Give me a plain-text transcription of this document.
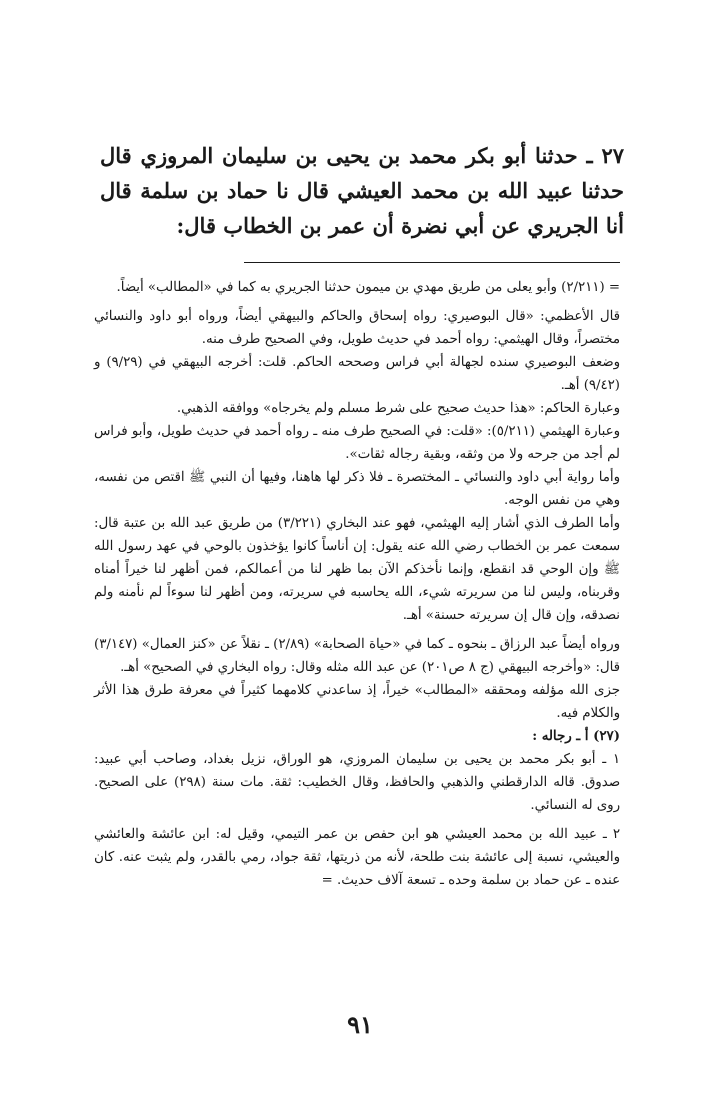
٢٧ ـ حدثنا أبو بكر محمد بن يحيى بن سليمان المروزي قال حدثنا عبيد الله بن محمد العيشي قال نا حماد بن سلمة قال أنا الجريري عن أبي نضرة أن عمر بن الخطاب قال:

= (٢/٢١١) وأبو يعلى من طريق مهدي بن ميمون حدثنا الجريري به كما في «المطالب» أيضاً.

قال الأعظمي: «قال البوصيري: رواه إسحاق والحاكم والبيهقي أيضاً، ورواه أبو داود والنسائي مختصراً، وقال الهيثمي: رواه أحمد في حديث طويل، وفي الصحيح طرف منه.

وضعف البوصيري سنده لجهالة أبي فراس وصححه الحاكم. قلت: أخرجه البيهقي في (٩/٢٩) و (٩/٤٢) أهـ.

وعبارة الحاكم: «هذا حديث صحيح على شرط مسلم ولم يخرجاه» ووافقه الذهبي.

وعبارة الهيثمي (٥/٢١١): «قلت: في الصحيح طرف منه ـ رواه أحمد في حديث طويل، وأبو فراس لم أجد من جرحه ولا من وثقه، وبقية رجاله ثقات».

وأما رواية أبي داود والنسائي ـ المختصرة ـ فلا ذكر لها هاهنا، وفيها أن النبي ﷺ اقتص من نفسه، وهي من نفس الوجه.

وأما الطرف الذي أشار إليه الهيثمي، فهو عند البخاري (٣/٢٢١) من طريق عبد الله بن عتبة قال: سمعت عمر بن الخطاب رضي الله عنه يقول: إن أناساً كانوا يؤخذون بالوحي في عهد رسول الله ﷺ وإن الوحي قد انقطع، وإنما نأخذكم الآن بما ظهر لنا من أعمالكم، فمن أظهر لنا خيراً أمناه وقربناه، وليس لنا من سريرته شيء، الله يحاسبه في سريرته، ومن أظهر لنا سوءاً لم نأمنه ولم نصدقه، وإن قال إن سريرته حسنة» أهـ.

ورواه أيضاً عبد الرزاق ـ بنحوه ـ كما في «حياة الصحابة» (٢/٨٩) ـ نقلاً عن «كنز العمال» (٣/١٤٧) قال: «وأخرجه البيهقي (ج ٨ ص٢٠١) عن عبد الله مثله وقال: رواه البخاري في الصحيح» أهـ.

جزى الله مؤلفه ومحققه «المطالب» خيراً، إذ ساعدني كلامهما كثيراً في معرفة طرق هذا الأثر والكلام فيه.

(٢٧) أ ـ رجاله :

١ ـ أبو بكر محمد بن يحيى بن سليمان المروزي، هو الوراق، نزيل بغداد، وصاحب أبي عبيد: صدوق. قاله الدارقطني والذهبي والحافظ، وقال الخطيب: ثقة. مات سنة (٢٩٨) على الصحيح. روى له النسائي.

٢ ـ عبيد الله بن محمد العيشي هو ابن حفص بن عمر التيمي، وقيل له: ابن عائشة والعائشي والعيشي، نسبة إلى عائشة بنت طلحة، لأنه من ذريتها، ثقة جواد، رمي بالقدر، ولم يثبت عنه. كان عنده ـ عن حماد بن سلمة وحده ـ تسعة آلاف حديث. =

٩١
